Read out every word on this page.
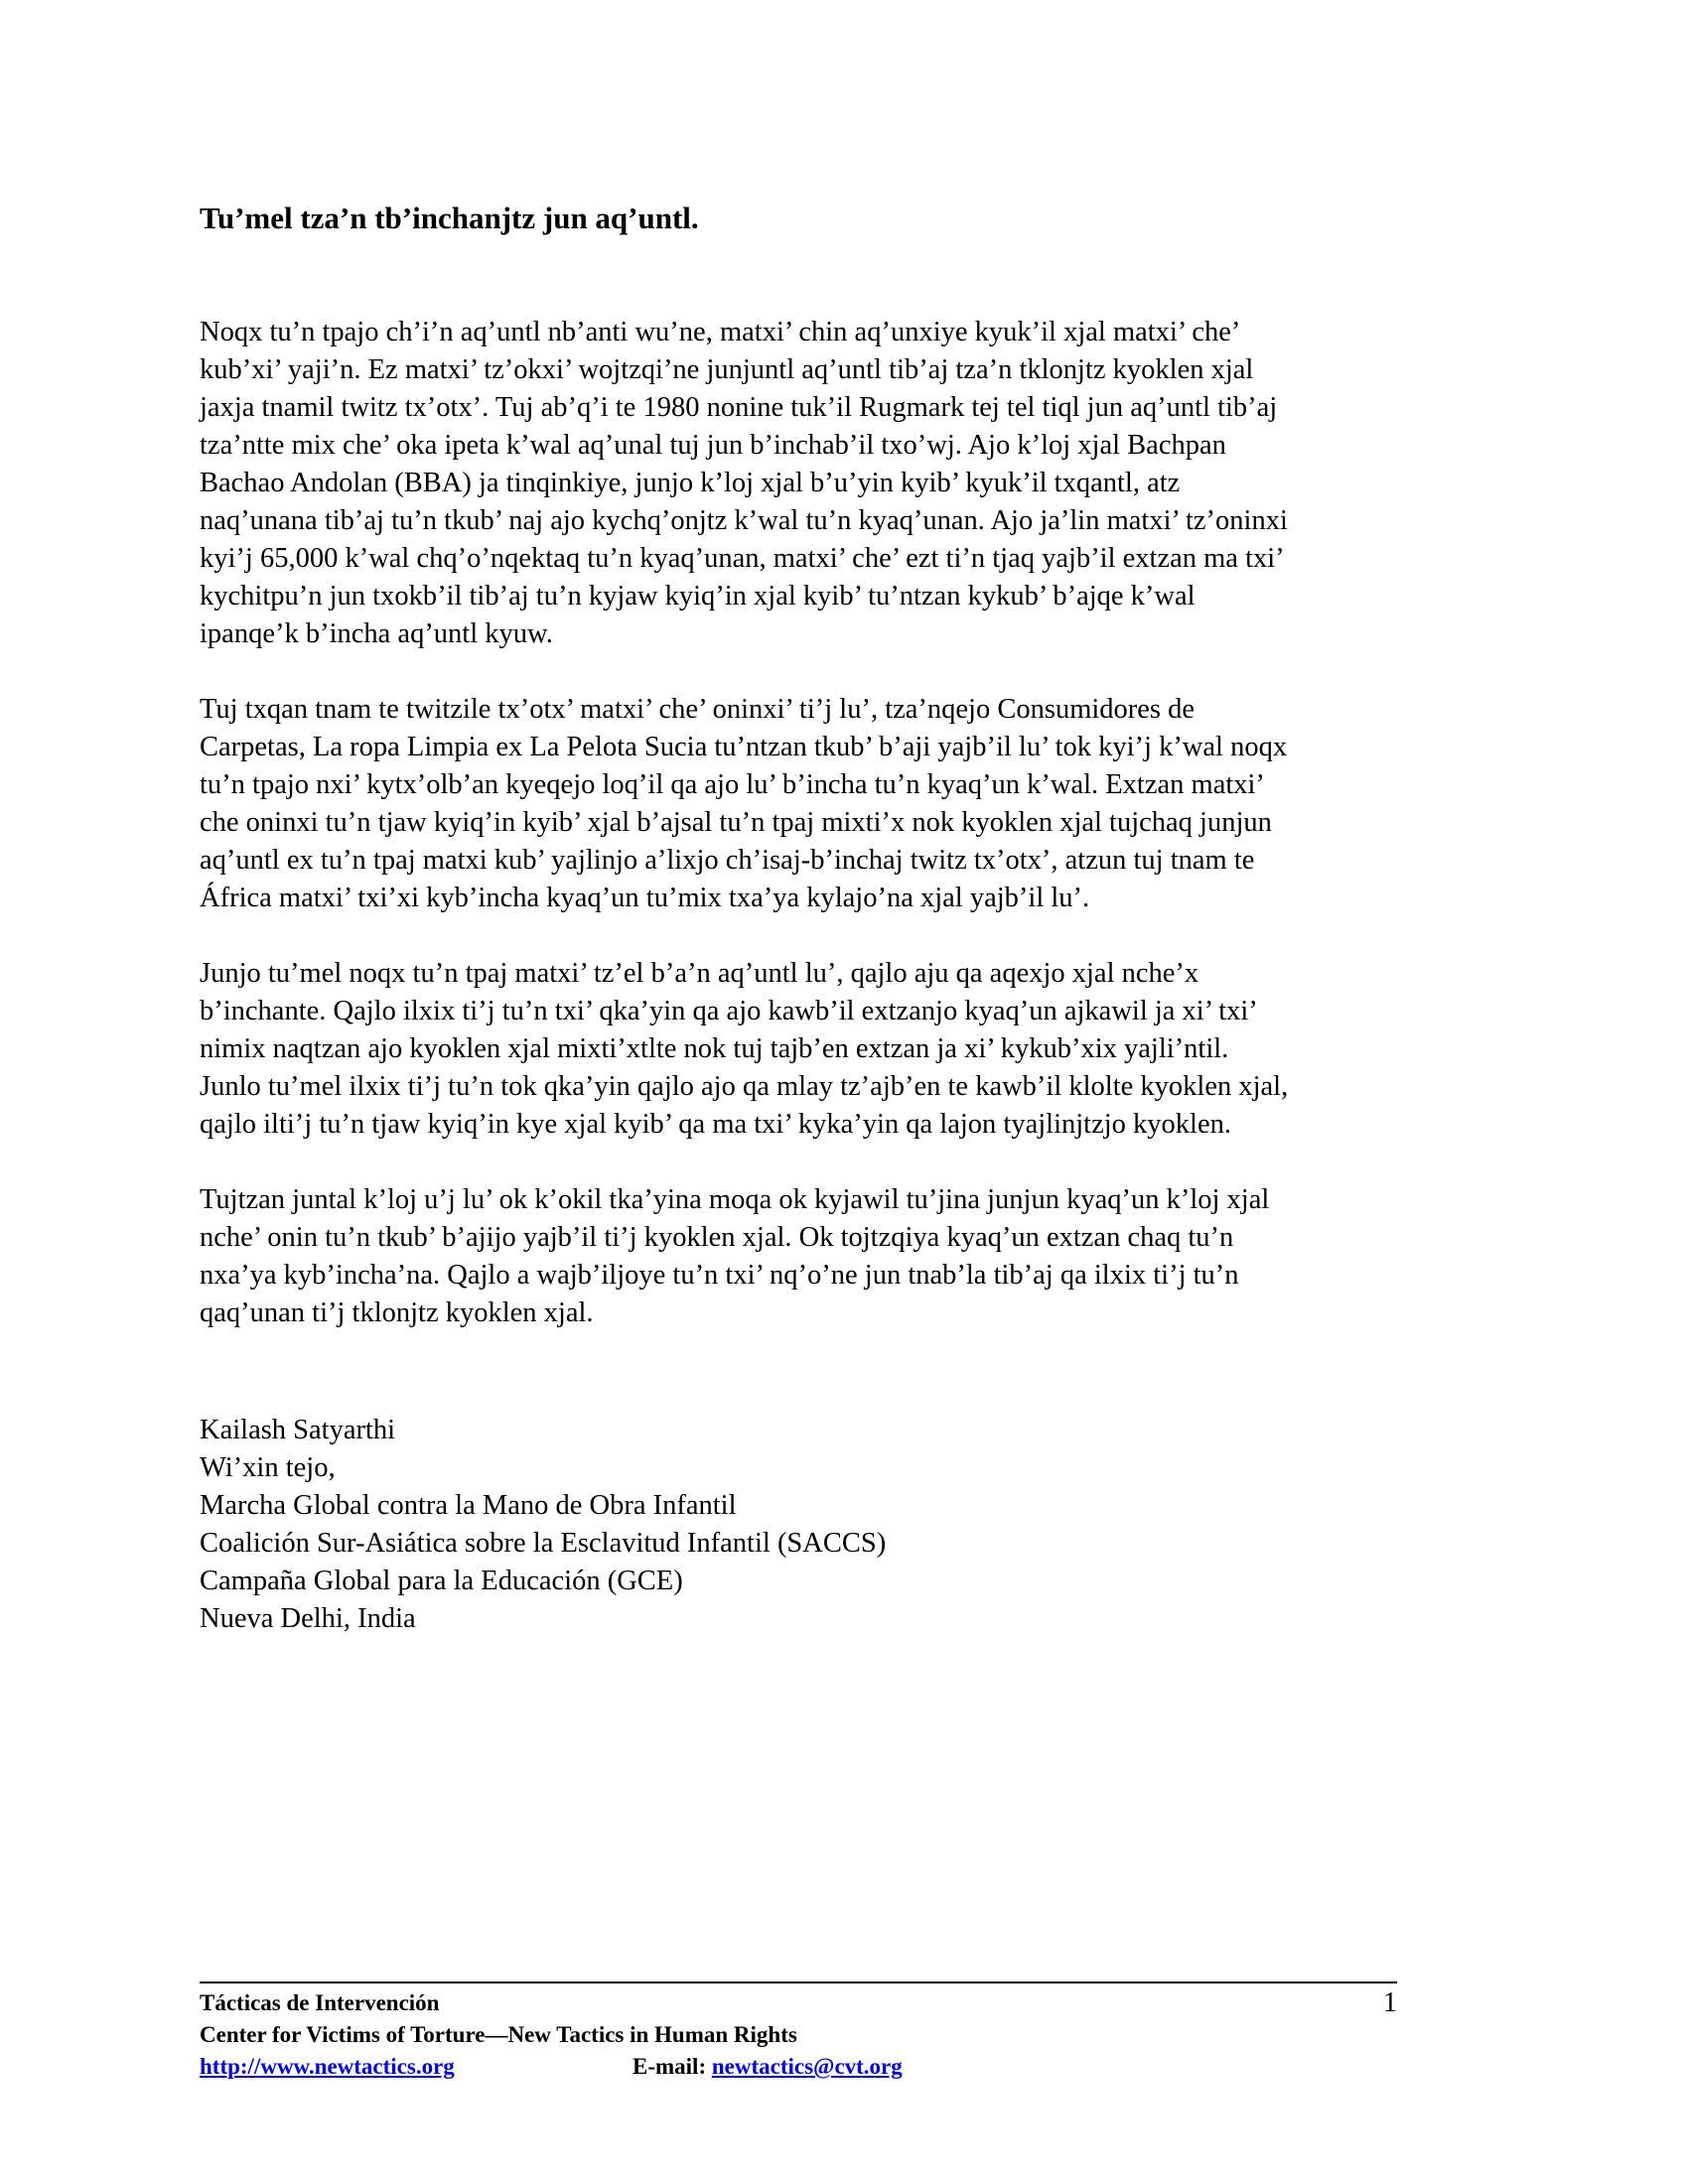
Tu’mel tza’n tb’inchanjtz jun aq’untl.

Noqx tu’n tpajo ch’i’n aq’untl nb’anti wu’ne, matxi’ chin aq’unxiye kyuk’il xjal matxi’ che’
kub’xi’ yaji’n. Ez matxi’ tz’okxi’ wojtzqi’ne junjuntl aq’untl tib’aj tza’n tklonjtz kyoklen xjal
jaxja tnamil twitz tx’otx’. Tuj ab’q’i te 1980 nonine tuk’il Rugmark tej tel tiql jun aq’untl tib’aj
tza’ntte mix che’ oka ipeta k’wal aq’unal tuj jun b’inchab’il txo’wj. Ajo k’loj xjal Bachpan
Bachao Andolan (BBA) ja tinqinkiye, junjo k’loj xjal b’u’yin kyib’ kyuk’il txqantl, atz
naq’unana tib’aj tu’n tkub’ naj ajo kychq’onjtz k’wal tu’n kyaq’unan. Ajo ja’lin matxi’ tz’oninxi
kyi’j 65,000 k’wal chq’o’nqektaq tu’n kyaq’unan, matxi’ che’ ezt ti’n tjaq yajb’il extzan ma txi’
kychitpu’n jun txokb’il tib’aj tu’n kyjaw kyiq’in xjal kyib’ tu’ntzan kykub’ b’ajqe k’wal
ipanqe’k b’incha aq’untl kyuw.

Tuj txqan tnam te twitzile tx’otx’ matxi’ che’ oninxi’ ti’j lu’, tza’nqejo Consumidores de
Carpetas, La ropa Limpia ex La Pelota Sucia tu’ntzan tkub’ b’aji yajb’il lu’ tok kyi’j k’wal noqx
tu’n tpajo nxi’ kytx’olb’an kyeqejo loq’il qa ajo lu’ b’incha tu’n kyaq’un k’wal. Extzan matxi’
che oninxi tu’n tjaw kyiq’in kyib’ xjal b’ajsal tu’n tpaj mixti’x nok kyoklen xjal tujchaq junjun
aq’untl ex tu’n tpaj matxi kub’ yajlinjo a’lixjo ch’isaj-b’inchaj twitz tx’otx’, atzun tuj tnam te
África matxi’ txi’xi kyb’incha kyaq’un tu’mix txa’ya kylajo’na xjal yajb’il lu’.

Junjo tu’mel noqx tu’n tpaj matxi’ tz’el b’a’n aq’untl lu’, qajlo aju qa aqexjo xjal nche’x
b’inchante. Qajlo ilxix ti’j tu’n txi’ qka’yin qa ajo kawb’il extzanjo kyaq’un ajkawil ja xi’ txi’
nimix naqtzan ajo kyoklen xjal mixti’xtlte nok tuj tajb’en extzan ja xi’ kykub’xix yajli’ntil.
Junlo tu’mel ilxix ti’j tu’n tok qka’yin qajlo ajo qa mlay tz’ajb’en te kawb’il klolte kyoklen xjal,
qajlo ilti’j tu’n tjaw kyiq’in kye xjal kyib’ qa ma txi’ kyka’yin qa lajon tyajlinjtzjo kyoklen.

Tujtzan juntal k’loj u’j lu’ ok k’okil tka’yina moqa ok kyjawil tu’jina junjun kyaq’un k’loj xjal
nche’ onin tu’n tkub’ b’ajijo yajb’il ti’j kyoklen xjal. Ok tojtzqiya kyaq’un extzan chaq tu’n
nxa’ya kyb’incha’na. Qajlo a wajb’iljoye tu’n txi’ nq’o’ne jun tnab’la tib’aj qa ilxix ti’j tu’n
qaq’unan ti’j tklonjtz kyoklen xjal.

Kailash Satyarthi
Wi’xin tejo,
Marcha Global contra la Mano de Obra Infantil
Coalición Sur-Asiática sobre la Esclavitud Infantil (SACCS)
Campaña Global para la Educación (GCE)
Nueva Delhi, India
Tácticas de Intervención	1
Center for Victims of Torture—New Tactics in Human Rights
http://www.newtactics.org	E-mail: newtactics@cvt.org
